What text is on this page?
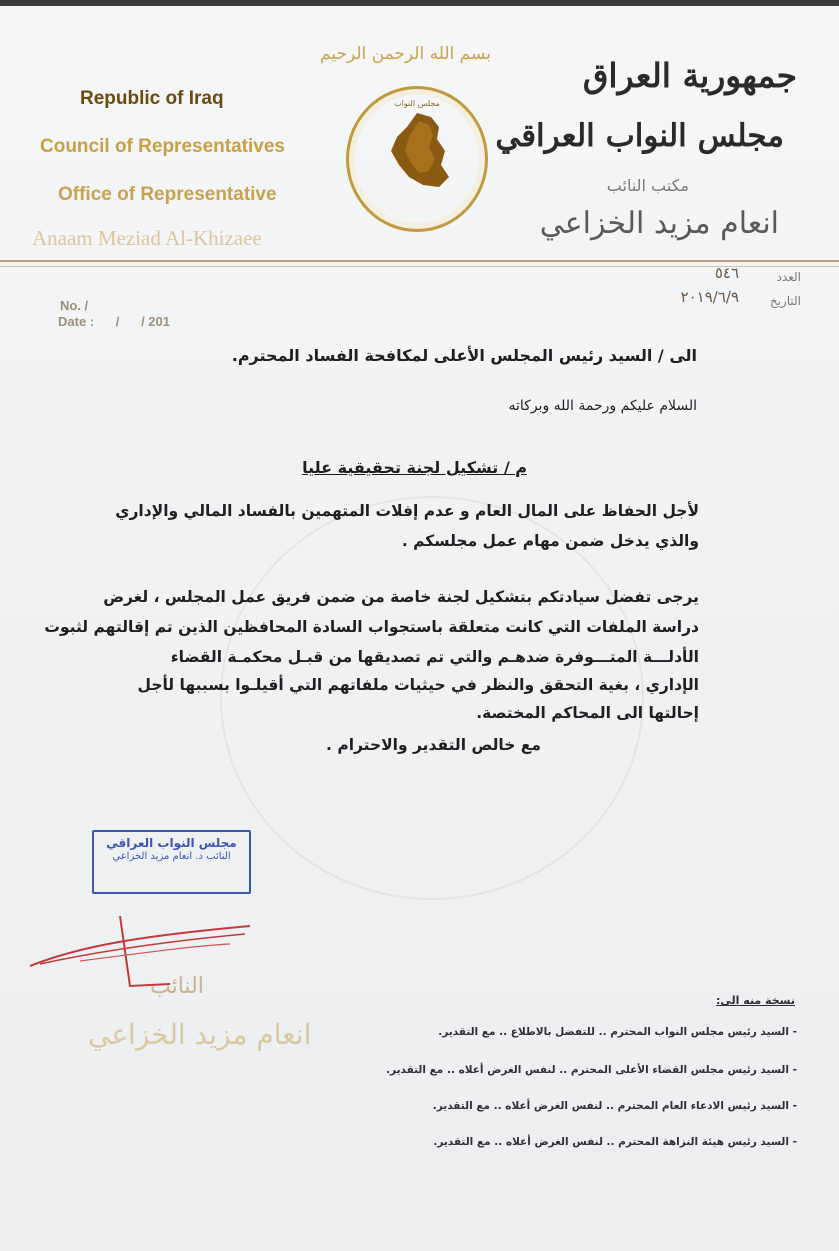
Republic of Iraq
Council of Representatives
Office of Representative
Anaam Meziad Al-Khizaee
بسم الله الرحمن الرحيم
مجلس النواب
جمهورية العراق
مجلس النواب العراقي
مكتب النائب
انعام مزيد الخزاعي
No. /
Date :      /      / 201
العدد
٥٤٦
التاريخ
٢٠١٩/٦/٩
الى / السيد رئيس المجلس الأعلى لمكافحة الفساد المحترم.
السلام عليكم ورحمة الله وبركاته
م / تشكيل لجنة تحقيقية عليا
لأجل الحفاظ على المال العام و عدم إفلات المتهمين بالفساد المالي والإداري
والذي يدخل ضمن مهام عمل مجلسكم .
يرجى تفضل سيادتكم بتشكيل لجنة خاصة من ضمن فريق عمل المجلس ، لغرض
دراسة الملفات التي كانت متعلقة باستجواب السادة المحافظين الذين تم إقالتهم لثبوت
الأدلـــة المتـــوفرة ضدهـم والتي تم تصديقها من قبـل محكمـة القضاء
الإداري ، بغية التحقق والنظر في حيثيات ملفاتهم التي أقيلـوا بسببها لأجل
إحالتها الى المحاكم المختصة.
مع خالص التقدير والاحترام .
مجلس النواب العراقي
النائب د. انعام مزيد الخزاعي
النائب
انعام مزيد الخزاعي
نسخة منه الى:
- السيد رئيس مجلس النواب المحترم .. للتفضل بالاطلاع .. مع التقدير.
- السيد رئيس مجلس القضاء الأعلى المحترم .. لنفس الغرض أعلاه .. مع التقدير.
- السيد رئيس الادعاء العام المحترم .. لنفس الغرض أعلاه .. مع التقدير.
- السيد رئيس هيئة النزاهة المحترم .. لنفس الغرض أعلاه .. مع التقدير.
